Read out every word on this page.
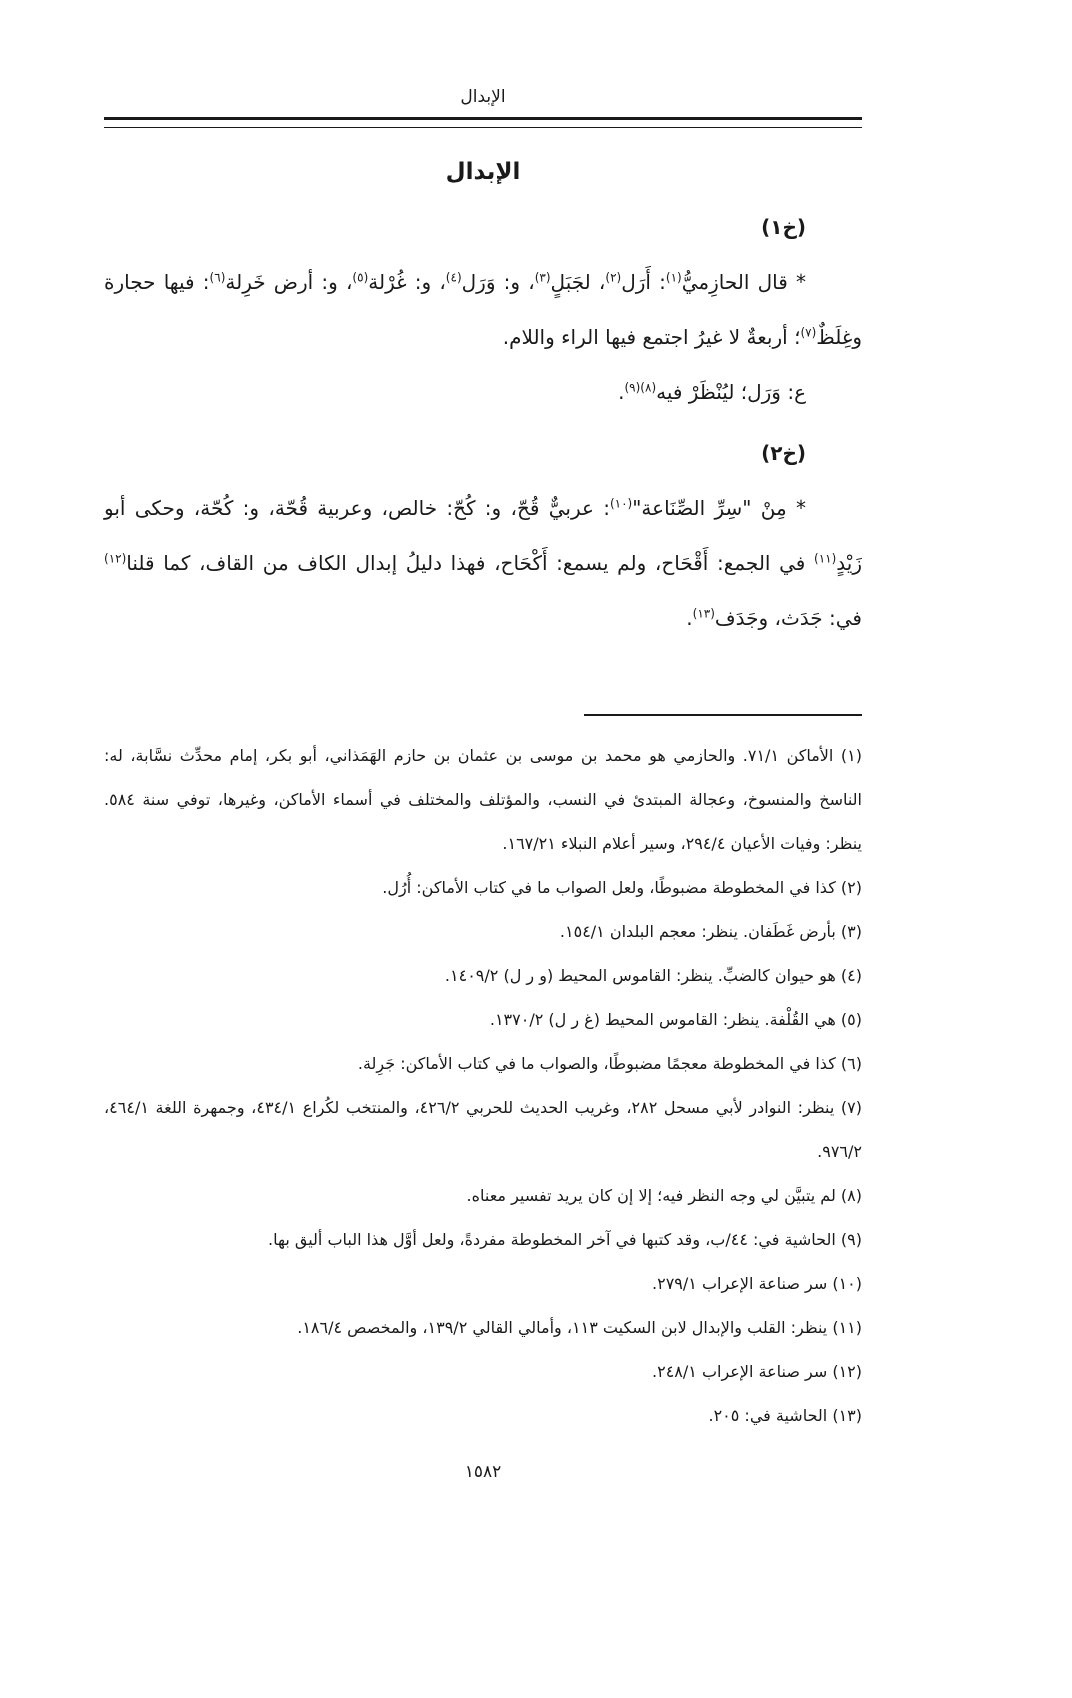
الإبدال
الإبدال

(خ١)

* قال الحازِميُّ$^{(١)}$: أَرَل$^{(٢)}$، لجَبَلٍ$^{(٣)}$، و: وَرَل$^{(٤)}$، و: غُرْلة$^{(٥)}$، و: أرض خَرِلة$^{(٦)}$: فيها حجارة وغِلَظٌ$^{(٧)}$؛ أربعةٌ لا غيرُ اجتمع فيها الراء واللام.

ع: وَرَل؛ ليُنْظَرْ فيه$^{(٨)(٩)}$.

(خ٢)

* مِنْ "سِرِّ الصِّنَاعة"$^{(١٠)}$: عربيٌّ قُحّ، و: كُحّ: خالص، وعربية قُحّة، و: كُحّة، وحكى أبو زَيْدٍ$^{(١١)}$ في الجمع: أَقْحَاح، ولم يسمع: أَكْحَاح، فهذا دليلُ إبدال الكاف من القاف، كما قلنا$^{(١٢)}$ في: جَدَث، وجَدَف$^{(١٣)}$.

(١) الأماكن ٧١/١. والحازمي هو محمد بن موسى بن عثمان بن حازم الهَمَذاني، أبو بكر، إمام محدِّث نسَّابة، له: الناسخ والمنسوخ، وعجالة المبتدئ في النسب، والمؤتلف والمختلف في أسماء الأماكن، وغيرها، توفي سنة ٥٨٤. ينظر: وفيات الأعيان ٢٩٤/٤، وسير أعلام النبلاء ١٦٧/٢١.

(٢) كذا في المخطوطة مضبوطًا، ولعل الصواب ما في كتاب الأماكن: أُرُل.

(٣) بأرض غَطَفان. ينظر: معجم البلدان ١٥٤/١.

(٤) هو حيوان كالضبِّ. ينظر: القاموس المحيط (و ر ل) ١٤٠٩/٢.

(٥) هي القُلْفة. ينظر: القاموس المحيط (غ ر ل) ١٣٧٠/٢.

(٦) كذا في المخطوطة معجمًا مضبوطًا، والصواب ما في كتاب الأماكن: جَرِلة.

(٧) ينظر: النوادر لأبي مسحل ٢٨٢، وغريب الحديث للحربي ٤٢٦/٢، والمنتخب لكُراع ٤٣٤/١، وجمهرة اللغة ٤٦٤/١، ٩٧٦/٢.

(٨) لم يتبيَّن لي وجه النظر فيه؛ إلا إن كان يريد تفسير معناه.

(٩) الحاشية في: ٤٤/ب، وقد كتبها في آخر المخطوطة مفردةً، ولعل أوَّل هذا الباب أليق بها.

(١٠) سر صناعة الإعراب ٢٧٩/١.

(١١) ينظر: القلب والإبدال لابن السكيت ١١٣، وأمالي القالي ١٣٩/٢، والمخصص ١٨٦/٤.

(١٢) سر صناعة الإعراب ٢٤٨/١.

(١٣) الحاشية في: ٢٠٥.

١٥٨٢
